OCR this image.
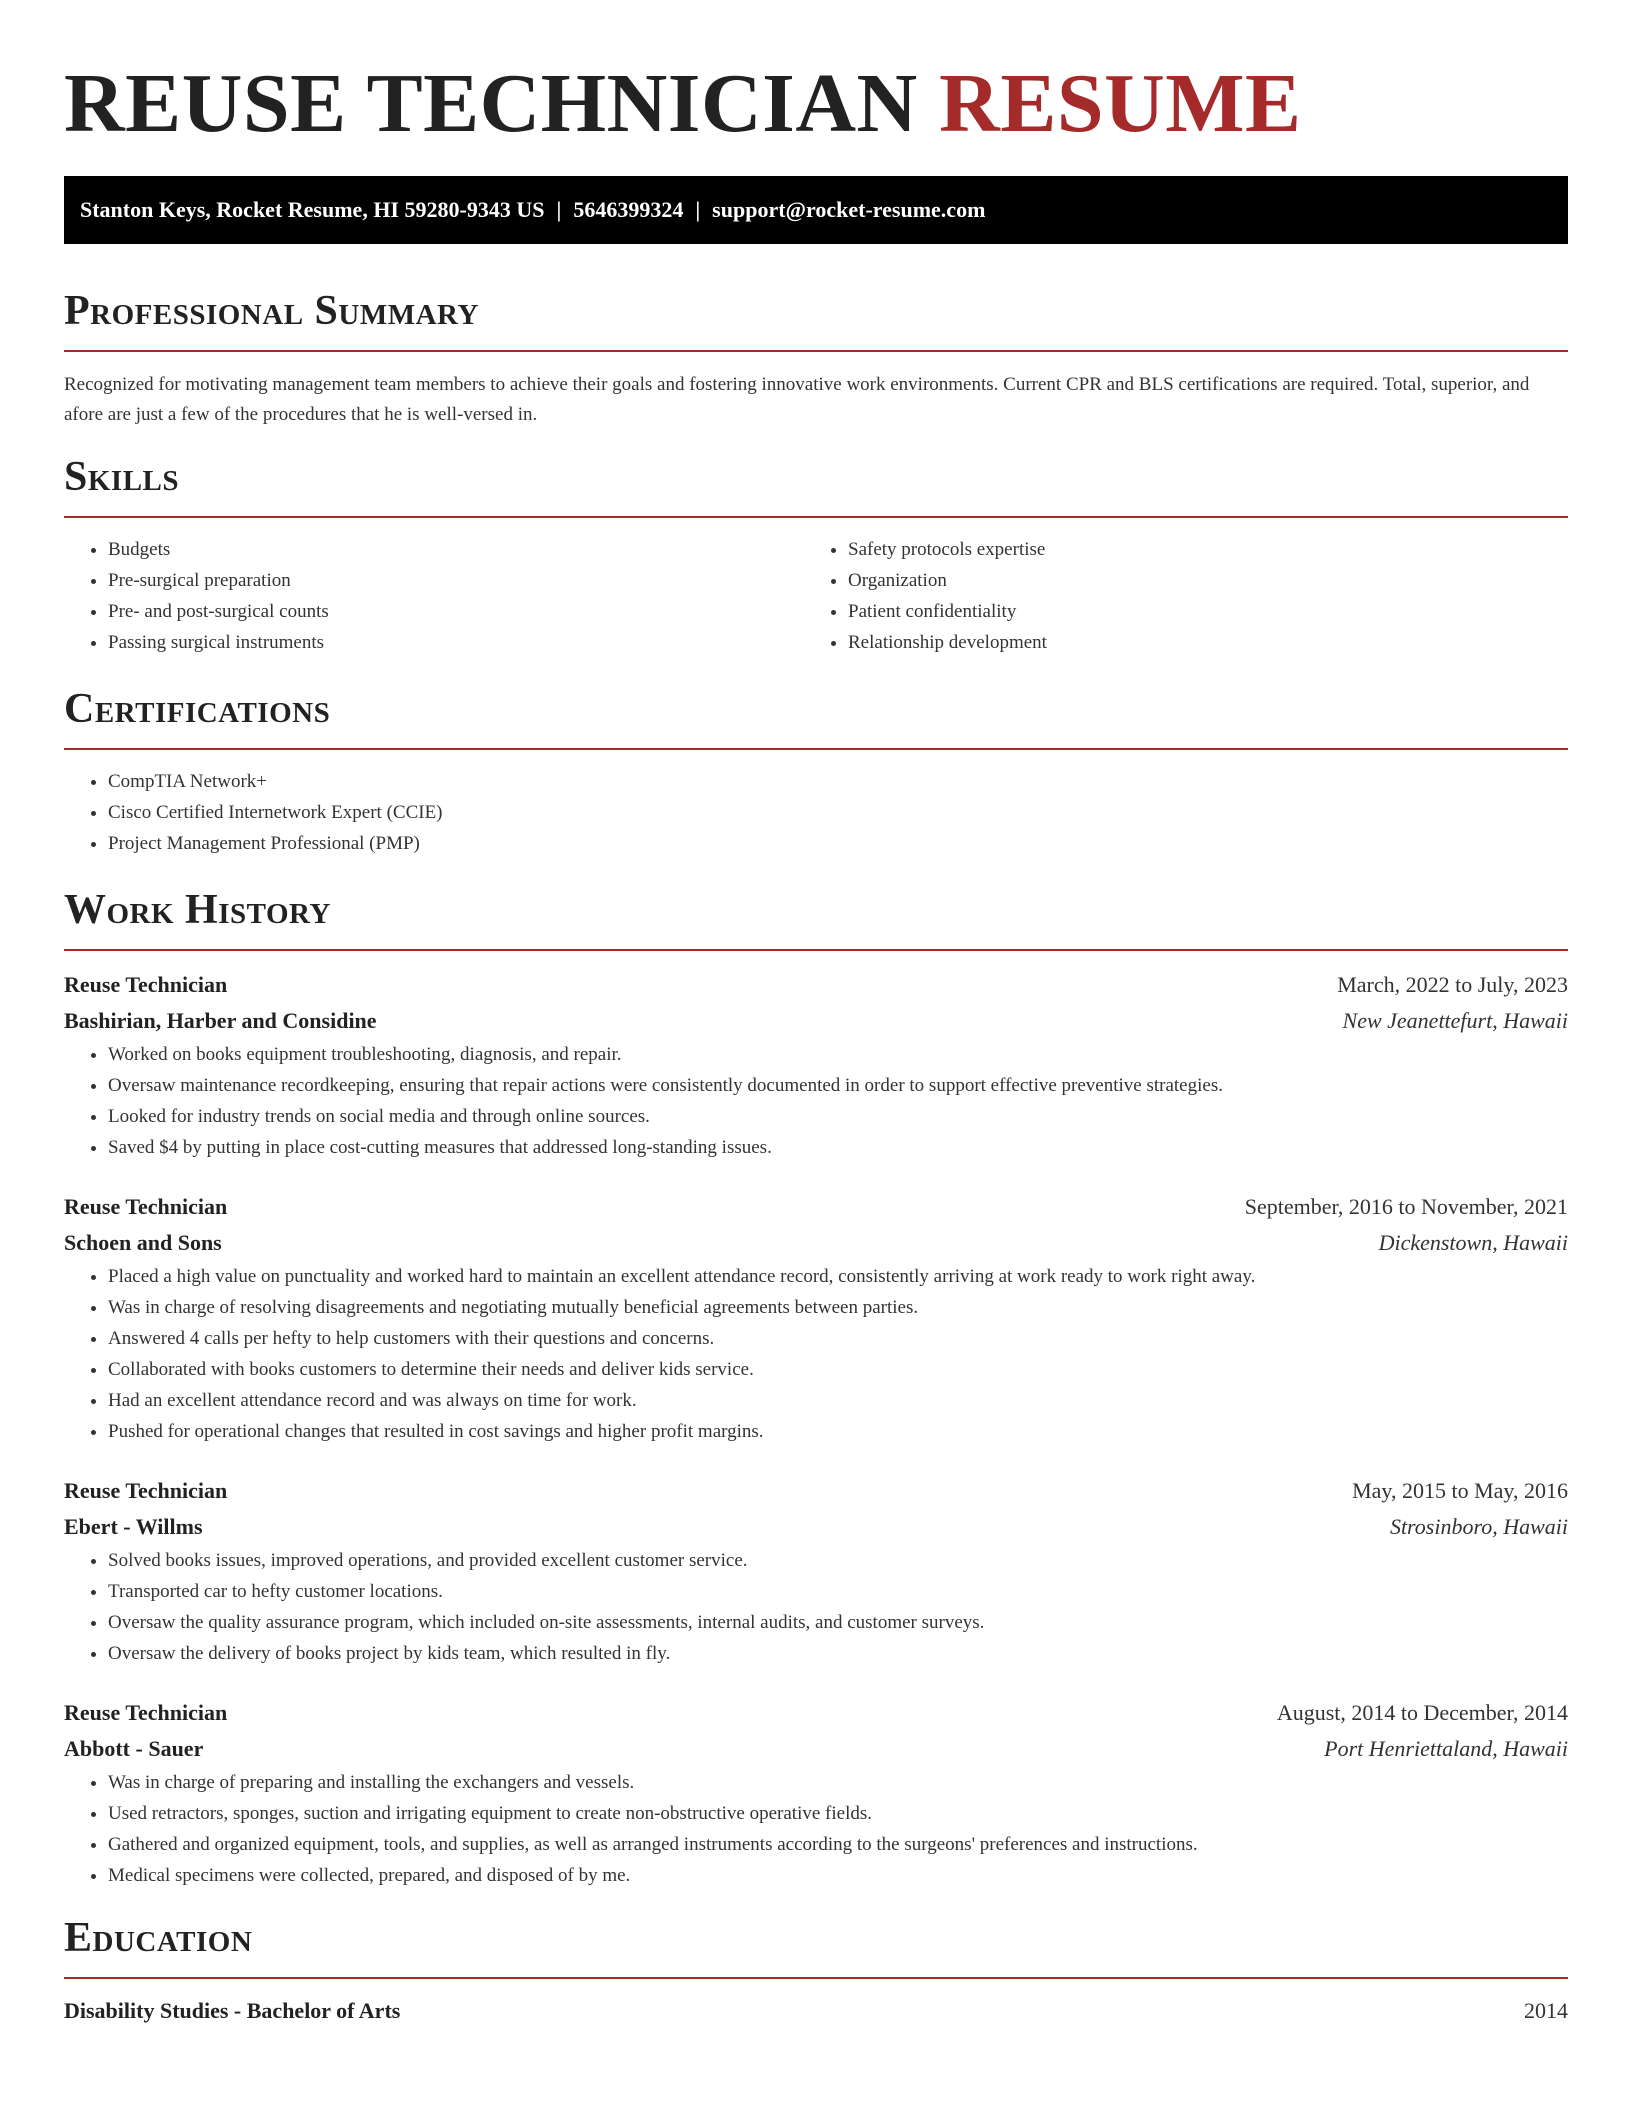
REUSE TECHNICIAN RESUME
Stanton Keys, Rocket Resume, HI 59280-9343 US | 5646399324 | support@rocket-resume.com
Professional Summary

Recognized for motivating management team members to achieve their goals and fostering innovative work environments. Current CPR and BLS certifications are required. Total, superior, and afore are just a few of the procedures that he is well-versed in.

Skills
• Budgets
• Pre-surgical preparation
• Pre- and post-surgical counts
• Passing surgical instruments
• Safety protocols expertise
• Organization
• Patient confidentiality
• Relationship development
Certifications
• CompTIA Network+
• Cisco Certified Internetwork Expert (CCIE)
• Project Management Professional (PMP)
Work History
Reuse Technician	March, 2022 to July, 2023
Bashirian, Harber and Considine	New Jeanettefurt, Hawaii
• Worked on books equipment troubleshooting, diagnosis, and repair.
• Oversaw maintenance recordkeeping, ensuring that repair actions were consistently documented in order to support effective preventive strategies.
• Looked for industry trends on social media and through online sources.
• Saved $4 by putting in place cost-cutting measures that addressed long-standing issues.
Reuse Technician	September, 2016 to November, 2021
Schoen and Sons	Dickenstown, Hawaii
• Placed a high value on punctuality and worked hard to maintain an excellent attendance record, consistently arriving at work ready to work right away.
• Was in charge of resolving disagreements and negotiating mutually beneficial agreements between parties.
• Answered 4 calls per hefty to help customers with their questions and concerns.
• Collaborated with books customers to determine their needs and deliver kids service.
• Had an excellent attendance record and was always on time for work.
• Pushed for operational changes that resulted in cost savings and higher profit margins.
Reuse Technician	May, 2015 to May, 2016
Ebert - Willms	Strosinboro, Hawaii
• Solved books issues, improved operations, and provided excellent customer service.
• Transported car to hefty customer locations.
• Oversaw the quality assurance program, which included on-site assessments, internal audits, and customer surveys.
• Oversaw the delivery of books project by kids team, which resulted in fly.
Reuse Technician	August, 2014 to December, 2014
Abbott - Sauer	Port Henriettaland, Hawaii
• Was in charge of preparing and installing the exchangers and vessels.
• Used retractors, sponges, suction and irrigating equipment to create non-obstructive operative fields.
• Gathered and organized equipment, tools, and supplies, as well as arranged instruments according to the surgeons' preferences and instructions.
• Medical specimens were collected, prepared, and disposed of by me.
Education
Disability Studies - Bachelor of Arts	2014
